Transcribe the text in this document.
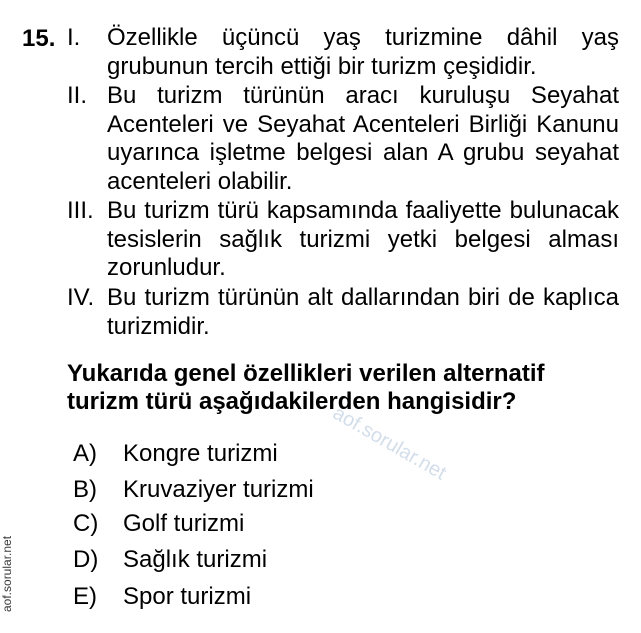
15. I. Özellikle üçüncü yaş turizmine dâhil yaş grubunun tercih ettiği bir turizm çeşididir.
II. Bu turizm türünün aracı kuruluşu Seyahat Acenteleri ve Seyahat Acenteleri Birliği Kanunu uyarınca işletme belgesi alan A grubu seyahat acenteleri olabilir.
III. Bu turizm türü kapsamında faaliyette bulunacak tesislerin sağlık turizmi yetki belgesi alması zorunludur.
IV. Bu turizm türünün alt dallarından biri de kaplıca turizmidir.
Yukarıda genel özellikleri verilen alternatif turizm türü aşağıdakilerden hangisidir?
A) Kongre turizmi
B) Kruvaziyer turizmi
C) Golf turizmi
D) Sağlık turizmi
E) Spor turizmi
aof.sorular.net
aof.sorular.net
